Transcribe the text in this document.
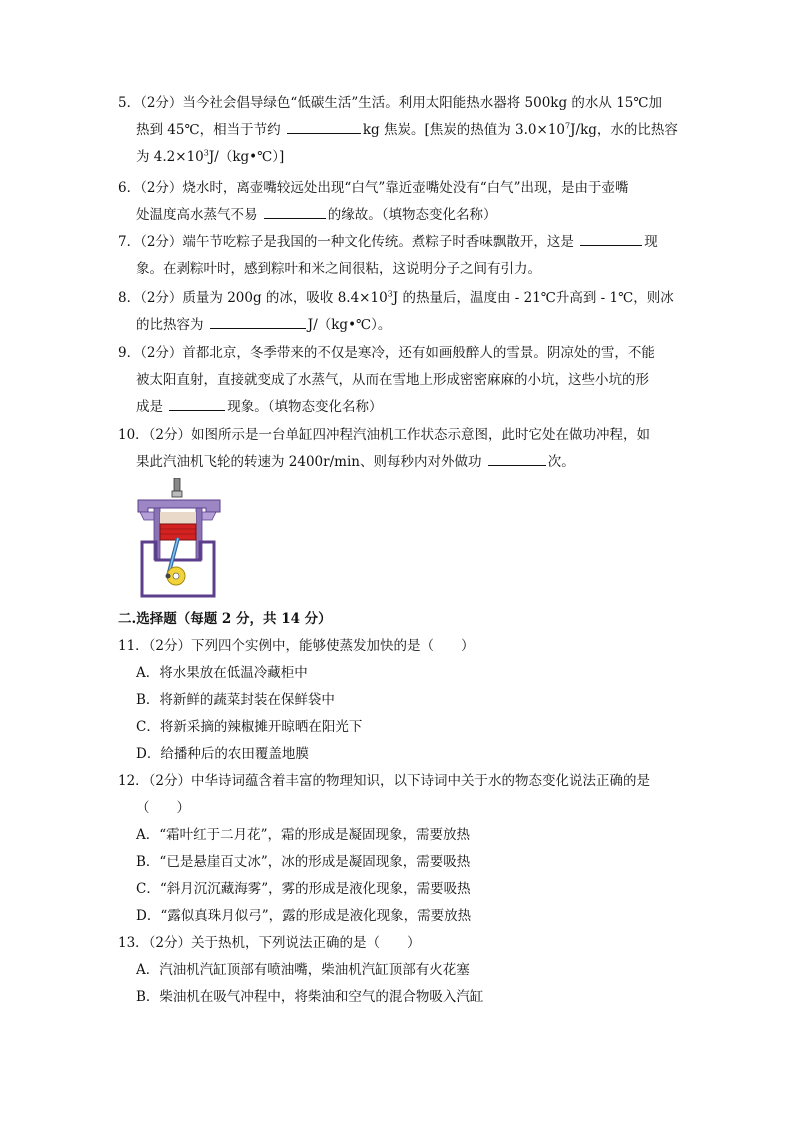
5．（2分）当今社会倡导绿色“低碳生活”生活。利用太阳能热水器将 500kg 的水从 15℃加
热到 45℃，相当于节约	kg 焦炭。[焦炭的热值为 $3.0\times 10^7J/kg$，水的比热容
为 $4.2\times 10^3J/(kg•℃)$]
6．（2分）烧水时，离壶嘴较远处出现“白气”靠近壶嘴处没有“白气”出现，是由于壶嘴
处温度高水蒸气不易	的缘故。（填物态变化名称）
7．（2分）端午节吃粽子是我国的一种文化传统。煮粽子时香味飘散开，这是	现
象。在剥粽叶时，感到粽叶和米之间很粘，这说明分子之间有引力。
8．（2分）质量为 200g 的冰，吸收 $8.4\times 10^3J$ 的热量后，温度由 - 21℃升高到 - 1℃，则冰
的比热容为	J/（kg•℃）。
9．（2分）首都北京，冬季带来的不仅是寒冷，还有如画般醉人的雪景。阴凉处的雪，不能
被太阳直射，直接就变成了水蒸气，从而在雪地上形成密密麻麻的小坑，这些小坑的形
成是	现象。（填物态变化名称）
10．（2分）如图所示是一台单缸四冲程汽油机工作状态示意图，此时它处在做功冲程，如
果此汽油机飞轮的转速为 2400r/min、则每秒内对外做功	次。
二.选择题（每题 2 分，共 14 分）
11．（2分）下列四个实例中，能够使蒸发加快的是（　　）
A．将水果放在低温冷藏柜中
B．将新鲜的蔬菜封装在保鲜袋中
C．将新采摘的辣椒摊开晾晒在阳光下
D．给播种后的农田覆盖地膜
12．（2分）中华诗词蕴含着丰富的物理知识，以下诗词中关于水的物态变化说法正确的是
（　　）
A．“霜叶红于二月花”，霜的形成是凝固现象，需要放热
B．“已是悬崖百丈冰”，冰的形成是凝固现象，需要吸热
C．“斜月沉沉藏海雾”，雾的形成是液化现象，需要吸热
D．“露似真珠月似弓”，露的形成是液化现象，需要放热
13．（2分）关于热机，下列说法正确的是（　　）
A．汽油机汽缸顶部有喷油嘴，柴油机汽缸顶部有火花塞
B．柴油机在吸气冲程中，将柴油和空气的混合物吸入汽缸
